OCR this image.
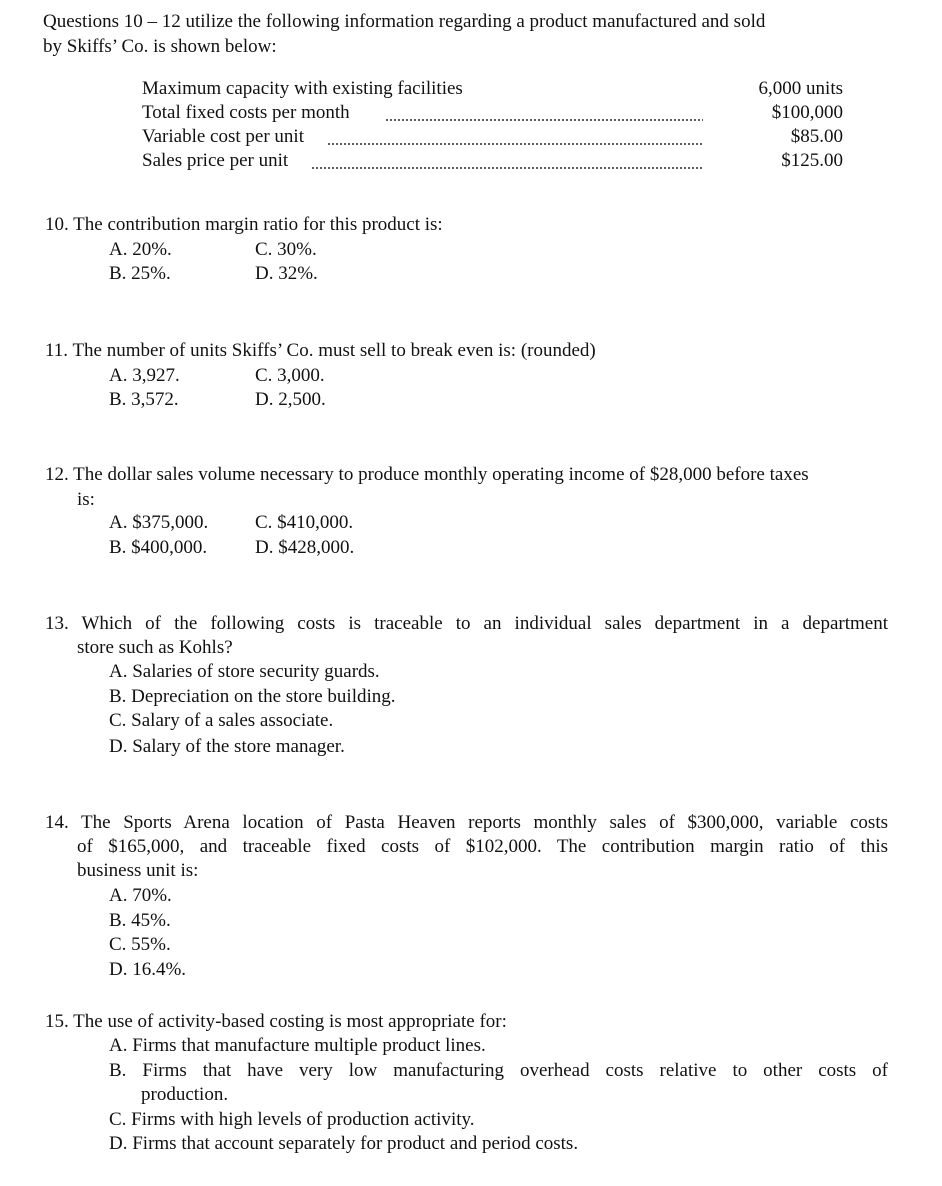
Questions 10 – 12 utilize the following information regarding a product manufactured and sold
by Skiffs’ Co. is shown below:
Maximum capacity with existing facilities	6,000 units
Total fixed costs per month	$100,000
Variable cost per unit	$85.00
Sales price per unit	$125.00
10. The contribution margin ratio for this product is:
A. 20%.	C. 30%.
B. 25%.	D. 32%.
11. The number of units Skiffs’ Co. must sell to break even is: (rounded)
A. 3,927.	C. 3,000.
B. 3,572.	D. 2,500.
12. The dollar sales volume necessary to produce monthly operating income of $28,000 before taxes
is:
A. $375,000. C. $410,000.
B. $400,000.	D. $428,000.
13. Which of the following costs is traceable to an individual sales department in a department
store such as Kohls?
A. Salaries of store security guards.
B. Depreciation on the store building.
C. Salary of a sales associate.
D. Salary of the store manager.
14. The Sports Arena location of Pasta Heaven reports monthly sales of $300,000, variable costs
of $165,000, and traceable fixed costs of $102,000. The contribution margin ratio of this
business unit is:
A. 70%.
B. 45%.
C. 55%.
D. 16.4%.
15. The use of activity-based costing is most appropriate for:
A. Firms that manufacture multiple product lines.
B. Firms that have very low manufacturing overhead costs relative to other costs of
production.
C. Firms with high levels of production activity.
D. Firms that account separately for product and period costs.
